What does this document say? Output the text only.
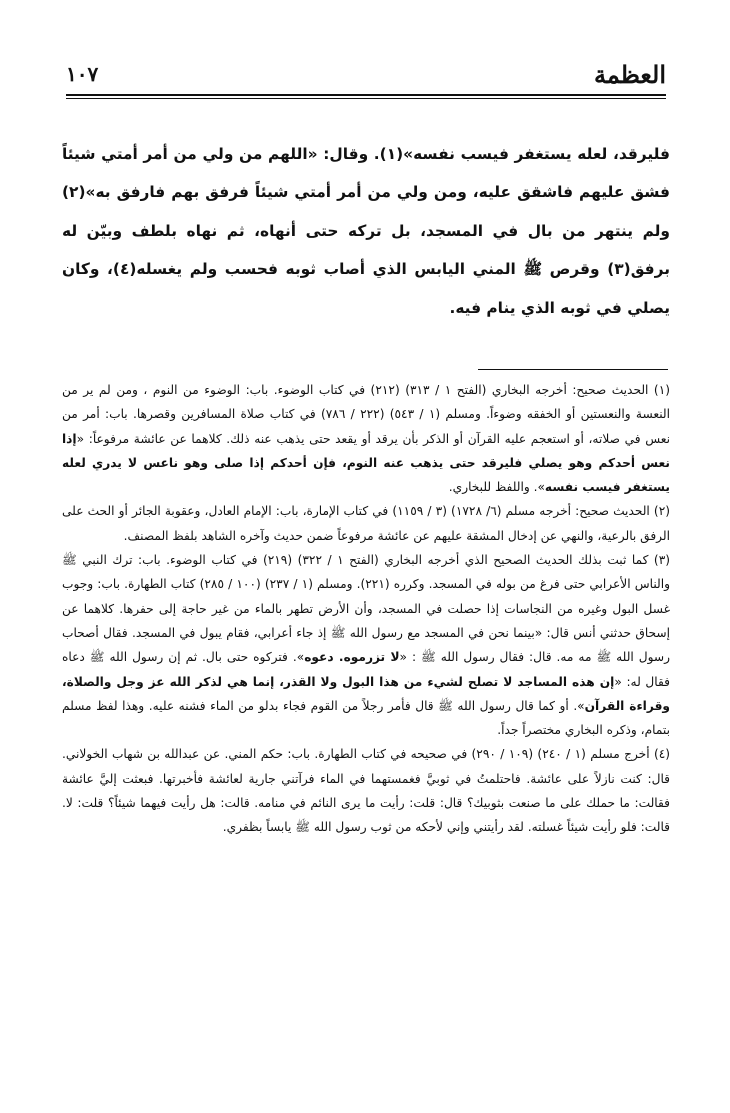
العظمة
١٠٧

فليرقد، لعله يستغفر فيسب نفسه»(١). وقال: «اللهم من ولي من أمر أمتي شيئاً فشق عليهم فاشقق عليه، ومن ولي من أمر أمتي شيئاً فرفق بهم فارفق به»(٢) ولم ينتهر من بال في المسجد، بل تركه حتى أنهاه، ثم نهاه بلطف وبيّن له برفق(٣) وقرص ﷺ المني اليابس الذي أصاب ثوبه فحسب ولم يغسله(٤)، وكان يصلي في ثوبه الذي ينام فيه.

(١) الحديث صحيح: أخرجه البخاري (الفتح ١ / ٣١٣) (٢١٢) في كتاب الوضوء. باب: الوضوء من النوم ، ومن لم ير من النعسة والنعستين أو الخفقه وضوءاً. ومسلم (١ / ٥٤٣) (٢٢٢ / ٧٨٦) في كتاب صلاة المسافرين وقصرها. باب: أمر من نعس في صلاته، أو استعجم عليه القرآن أو الذكر بأن يرقد أو يقعد حتى يذهب عنه ذلك. كلاهما عن عائشة مرفوعاً: «إذا نعس أحدكم وهو يصلي فليرقد حتى يذهب عنه النوم، فإن أحدكم إذا صلى وهو ناعس لا يدري لعله يستغفر فيسب نفسه». واللفظ للبخاري.

(٢) الحديث صحيح: أخرجه مسلم (٦/ ١٧٢٨) (٣ / ١١٥٩) في كتاب الإمارة، باب: الإمام العادل، وعقوبة الجائر أو الحث على الرفق بالرعية، والنهي عن إدخال المشقة عليهم عن عائشة مرفوعاً ضمن حديث وآخره الشاهد بلفظ المصنف.

(٣) كما ثبت بذلك الحديث الصحيح الذي أخرجه البخاري (الفتح ١ / ٣٢٢) (٢١٩) في كتاب الوضوء. باب: ترك النبي ﷺ والناس الأعرابي حتى فرغ من بوله في المسجد. وكرره (٢٢١). ومسلم (١ / ٢٣٧) (١٠٠ / ٢٨٥) كتاب الطهارة. باب: وجوب غسل البول وغيره من النجاسات إذا حصلت في المسجد، وأن الأرض تطهر بالماء من غير حاجة إلى حفرها. كلاهما عن إسحاق حدثني أنس قال: «بينما نحن في المسجد مع رسول الله ﷺ إذ جاء أعرابي، فقام يبول في المسجد. فقال أصحاب رسول الله ﷺ مه مه. قال: فقال رسول الله ﷺ : «لا تزرموه. دعوه». فتركوه حتى بال. ثم إن رسول الله ﷺ دعاه فقال له: «إن هذه المساجد لا تصلح لشيء من هذا البول ولا القذر، إنما هي لذكر الله عز وجل والصلاة، وقراءة القرآن». أو كما قال رسول الله ﷺ قال فأمر رجلاً من القوم فجاء بدلو من الماء فشنه عليه. وهذا لفظ مسلم بتمام، وذكره البخاري مختصراً جداً.

(٤) أخرج مسلم (١ / ٢٤٠) (١٠٩ / ٢٩٠) في صحيحه في كتاب الطهارة. باب: حكم المني. عن عبدالله بن شهاب الخولاني. قال: كنت نازلاً على عائشة. فاحتلمتُ في ثوبيَّ فغمستهما في الماء فرآتني جارية لعائشة فأخبرتها. فبعثت إليَّ عائشة فقالت: ما حملك على ما صنعت بثوبيك؟ قال: قلت: رأيت ما يرى النائم في منامه. قالت: هل رأيت فيهما شيئاً؟ قلت: لا. قالت: فلو رأيت شيئاً غسلته. لقد رأيتني وإني لأحكه من ثوب رسول الله ﷺ يابساً بظفري.
